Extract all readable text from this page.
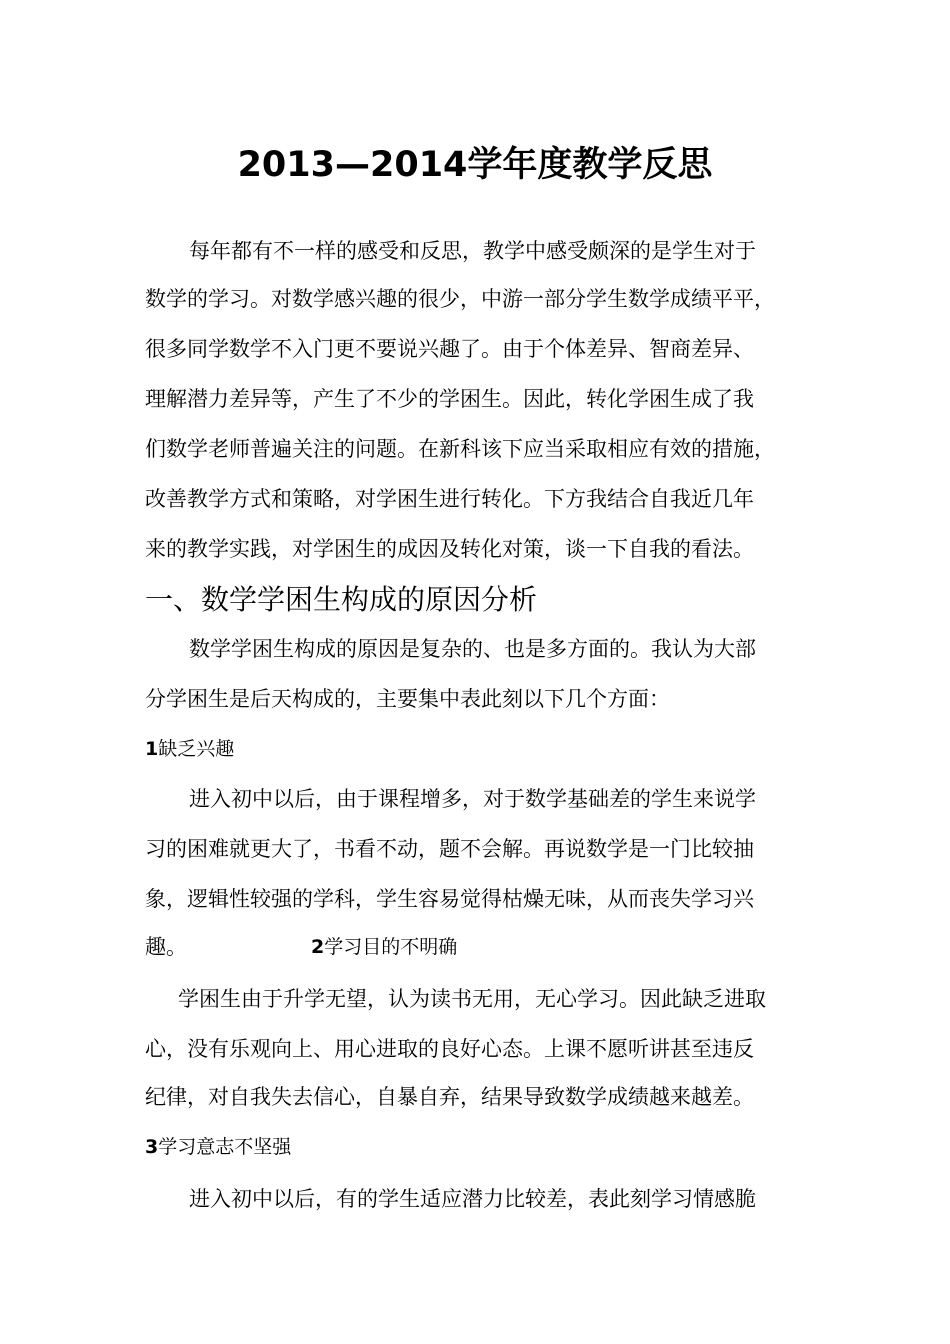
2013—2014学年度教学反思
每年都有不一样的感受和反思，教学中感受颇深的是学生对于
数学的学习。对数学感兴趣的很少，中游一部分学生数学成绩平平，
很多同学数学不入门更不要说兴趣了。由于个体差异、智商差异、
理解潜力差异等，产生了不少的学困生。因此，转化学困生成了我
们数学老师普遍关注的问题。在新科该下应当采取相应有效的措施，
改善教学方式和策略，对学困生进行转化。下方我结合自我近几年
来的教学实践，对学困生的成因及转化对策，谈一下自我的看法。
一、数学学困生构成的原因分析
数学学困生构成的原因是复杂的、也是多方面的。我认为大部
分学困生是后天构成的，主要集中表此刻以下几个方面：
1缺乏兴趣
进入初中以后，由于课程增多，对于数学基础差的学生来说学
习的困难就更大了，书看不动，题不会解。再说数学是一门比较抽
象，逻辑性较强的学科，学生容易觉得枯燥无味，从而丧失学习兴
趣。	2学习目的不明确
学困生由于升学无望，认为读书无用，无心学习。因此缺乏进取
心，没有乐观向上、用心进取的良好心态。上课不愿听讲甚至违反
纪律，对自我失去信心，自暴自弃，结果导致数学成绩越来越差。
3学习意志不坚强
进入初中以后，有的学生适应潜力比较差，表此刻学习情感脆
